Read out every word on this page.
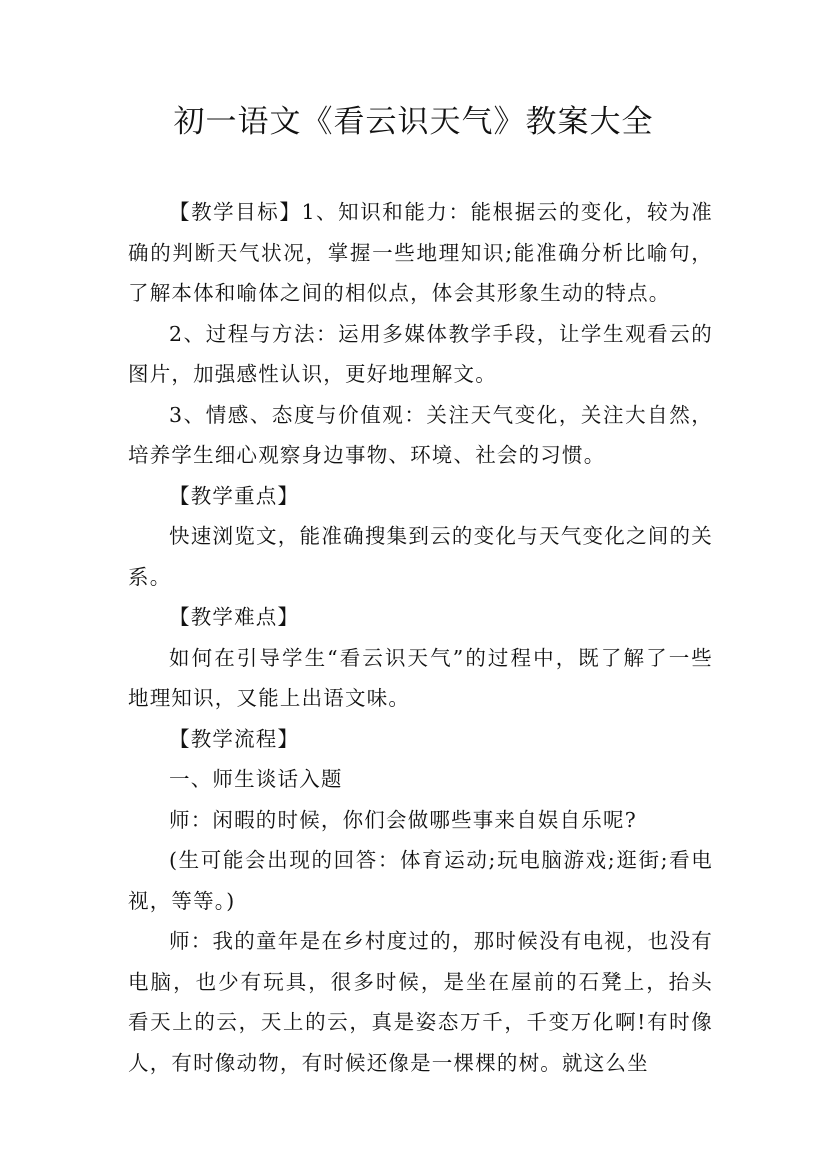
初一语文《看云识天气》教案大全

【教学目标】1、知识和能力：能根据云的变化，较为准确的判断天气状况，掌握一些地理知识;能准确分析比喻句，了解本体和喻体之间的相似点，体会其形象生动的特点。

2、过程与方法：运用多媒体教学手段，让学生观看云的图片，加强感性认识，更好地理解文。

3、情感、态度与价值观：关注天气变化，关注大自然，培养学生细心观察身边事物、环境、社会的习惯。

【教学重点】

快速浏览文，能准确搜集到云的变化与天气变化之间的关系。

【教学难点】

如何在引导学生“看云识天气”的过程中，既了解了一些地理知识，又能上出语文味。

【教学流程】

一、师生谈话入题

师：闲暇的时候，你们会做哪些事来自娱自乐呢?

(生可能会出现的回答：体育运动;玩电脑游戏;逛街;看电视，等等。)

师：我的童年是在乡村度过的，那时候没有电视，也没有电脑，也少有玩具，很多时候，是坐在屋前的石凳上，抬头看天上的云，天上的云，真是姿态万千，千变万化啊!有时像人，有时像动物，有时候还像是一棵棵的树。就这么坐
